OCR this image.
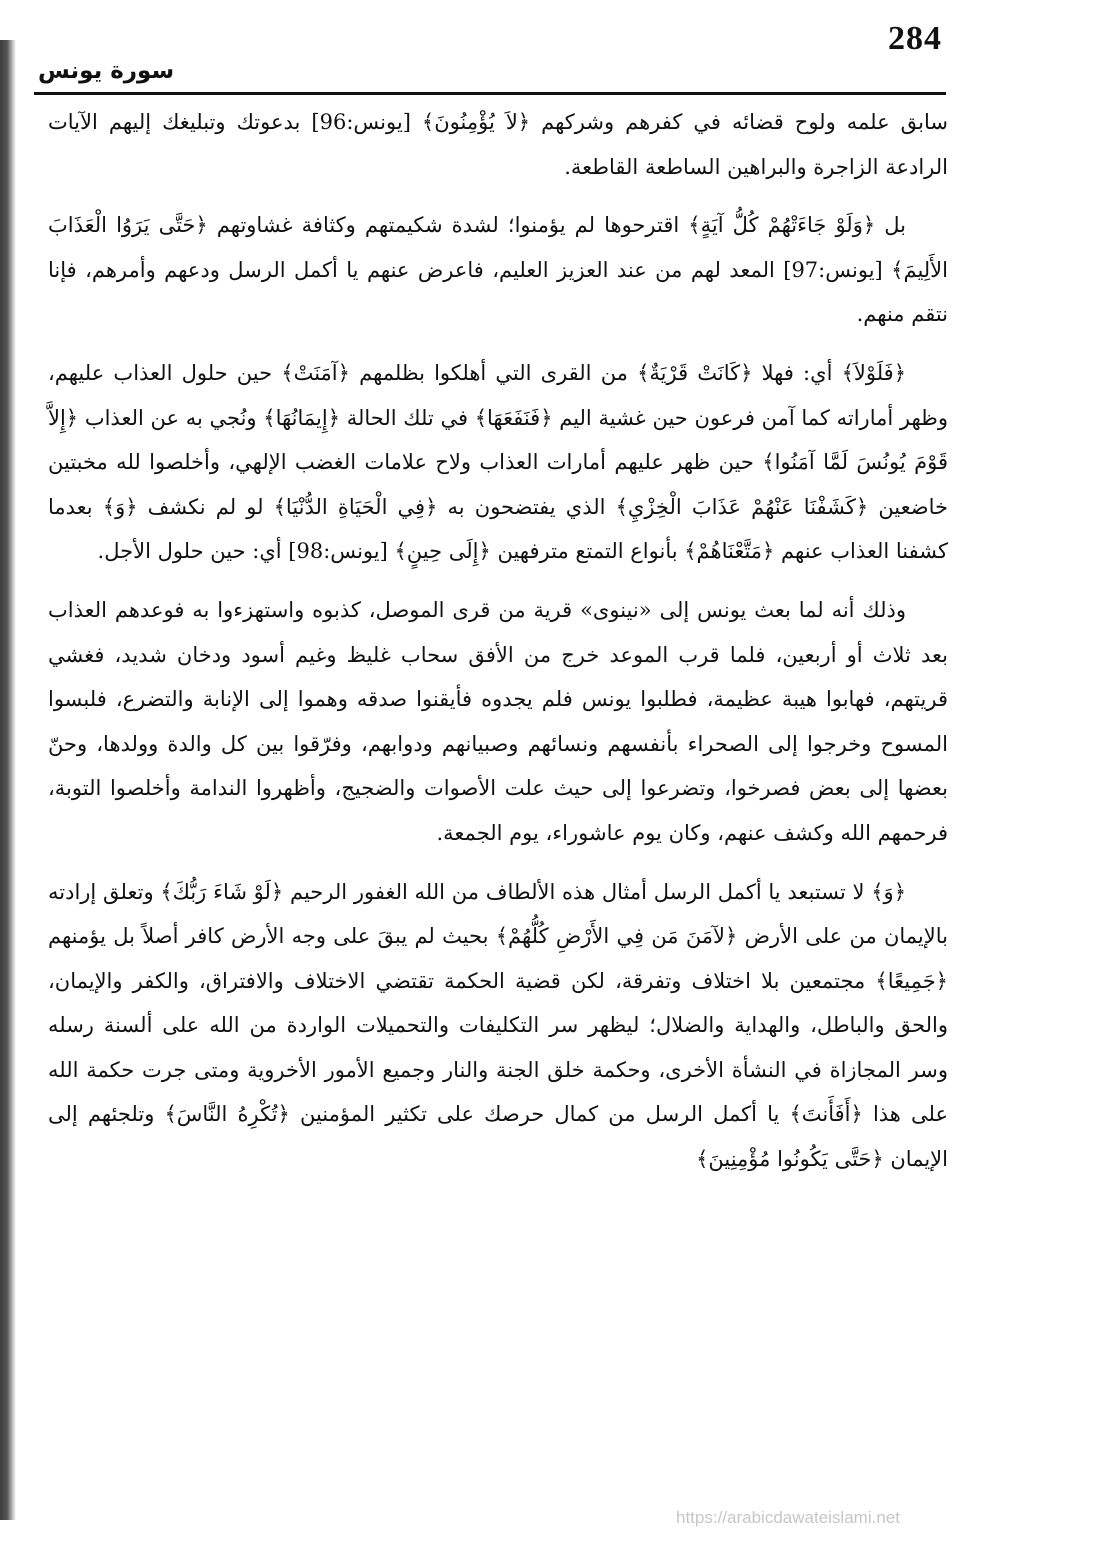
284
سورة يونس

سابق علمه ولوح قضائه في كفرهم وشركهم ﴿لاَ يُؤْمِنُونَ﴾ [يونس:96] بدعوتك وتبليغك إليهم الآيات الرادعة الزاجرة والبراهين الساطعة القاطعة.

بل ﴿وَلَوْ جَاءَتْهُمْ كُلُّ آيَةٍ﴾ اقترحوها لم يؤمنوا؛ لشدة شكيمتهم وكثافة غشاوتهم ﴿حَتَّى يَرَوُا الْعَذَابَ الأَلِيمَ﴾ [يونس:97] المعد لهم من عند العزيز العليم، فاعرض عنهم يا أكمل الرسل ودعهم وأمرهم، فإنا نتقم منهم.

﴿فَلَوْلاَ﴾ أي: فهلا ﴿كَانَتْ قَرْيَةٌ﴾ من القرى التي أهلكوا بظلمهم ﴿آمَنَتْ﴾ حين حلول العذاب عليهم، وظهر أماراته كما آمن فرعون حين غشية اليم ﴿فَنَفَعَهَا﴾ في تلك الحالة ﴿إِيمَانُهَا﴾ ونُجي به عن العذاب ﴿إِلاَّ قَوْمَ يُونُسَ لَمَّا آمَنُوا﴾ حين ظهر عليهم أمارات العذاب ولاح علامات الغضب الإلهي، وأخلصوا لله مخبتين خاضعين ﴿كَشَفْنَا عَنْهُمْ عَذَابَ الْخِزْيِ﴾ الذي يفتضحون به ﴿فِي الْحَيَاةِ الدُّنْيَا﴾ لو لم نكشف ﴿وَ﴾ بعدما كشفنا العذاب عنهم ﴿مَتَّعْنَاهُمْ﴾ بأنواع التمتع مترفهين ﴿إِلَى حِينٍ﴾ [يونس:98] أي: حين حلول الأجل.

وذلك أنه لما بعث يونس إلى «نينوى» قرية من قرى الموصل، كذبوه واستهزءوا به فوعدهم العذاب بعد ثلاث أو أربعين، فلما قرب الموعد خرج من الأفق سحاب غليظ وغيم أسود ودخان شديد، فغشي قريتهم، فهابوا هيبة عظيمة، فطلبوا يونس فلم يجدوه فأيقنوا صدقه وهموا إلى الإنابة والتضرع، فلبسوا المسوح وخرجوا إلى الصحراء بأنفسهم ونسائهم وصبيانهم ودوابهم، وفرّقوا بين كل والدة وولدها، وحنّ بعضها إلى بعض فصرخوا، وتضرعوا إلى حيث علت الأصوات والضجيج، وأظهروا الندامة وأخلصوا التوبة، فرحمهم الله وكشف عنهم، وكان يوم عاشوراء، يوم الجمعة.

﴿وَ﴾ لا تستبعد يا أكمل الرسل أمثال هذه الألطاف من الله الغفور الرحيم ﴿لَوْ شَاءَ رَبُّكَ﴾ وتعلق إرادته بالإيمان من على الأرض ﴿لآمَنَ مَن فِي الأَرْضِ كُلُّهُمْ﴾ بحيث لم يبقَ على وجه الأرض كافر أصلاً بل يؤمنهم ﴿جَمِيعًا﴾ مجتمعين بلا اختلاف وتفرقة، لكن قضية الحكمة تقتضي الاختلاف والافتراق، والكفر والإيمان، والحق والباطل، والهداية والضلال؛ ليظهر سر التكليفات والتحميلات الواردة من الله على ألسنة رسله وسر المجازاة في النشأة الأخرى، وحكمة خلق الجنة والنار وجميع الأمور الأخروية ومتى جرت حكمة الله على هذا ﴿أَفَأَنتَ﴾ يا أكمل الرسل من كمال حرصك على تكثير المؤمنين ﴿تُكْرِهُ النَّاسَ﴾ وتلجئهم إلى الإيمان ﴿حَتَّى يَكُونُوا مُؤْمِنِينَ﴾

https://arabicdawateislami.net
